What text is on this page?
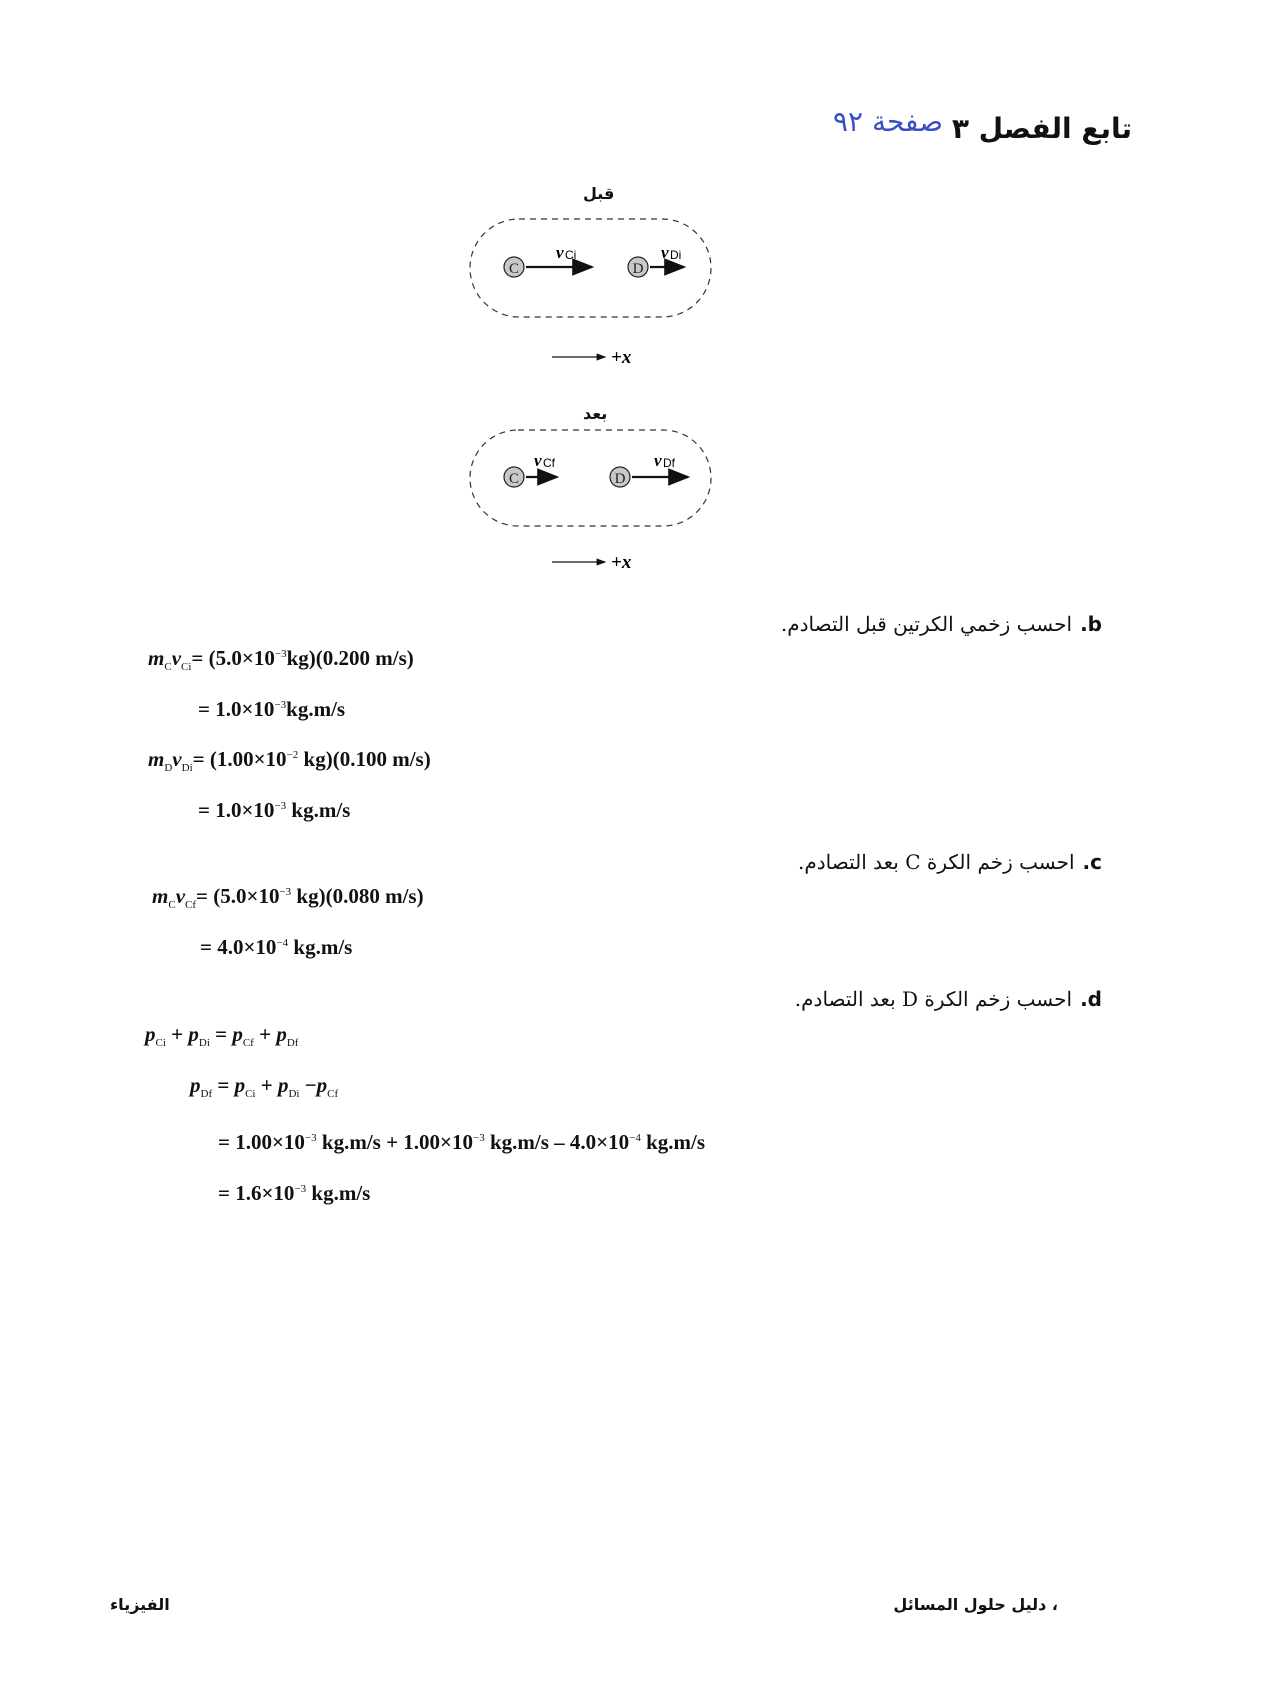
تابع الفصل ٣
صفحة ٩٢
قبل
بعد
C
v Ci
D
v Di
+x
C
v Cf
D
v Df
+x
b.احسب زخمي الكرتين قبل التصادم.
$m_Cv_{Ci}= (5.0\times 10^{-3}kg)(0.200$ m/s)
= $1.0\times 10^{-3}kg.m/s$
$m_Dv_{Di}= (1.00\times 10^{-2}$ kg)(0.100 m/s)
= $1.0\times 10^{-3}$ kg.m/s
c.احسب زخم الكرة C بعد التصادم.
$m_Cv_{Cf}= (5.0\times 10^{-3}$ kg)(0.080 m/s)
= $4.0\times 10^{-4}$ kg.m/s
d.احسب زخم الكرة D بعد التصادم.
$p_{Ci} + p_{Di} = p_{Cf} + p_{Df}$
$p_{Df} = p_{Ci} + p_{Di} -p_{Cf}$
= $1.00\times 10^{-3}$ $kg.m/s + 1.00\times 10^{-3}$ $kg.m/s - 4.0\times 10^{-4}$ kg.m/s
= $1.6\times 10^{-3}$ kg.m/s
الفيزياء	، دليل حلول المسائل
